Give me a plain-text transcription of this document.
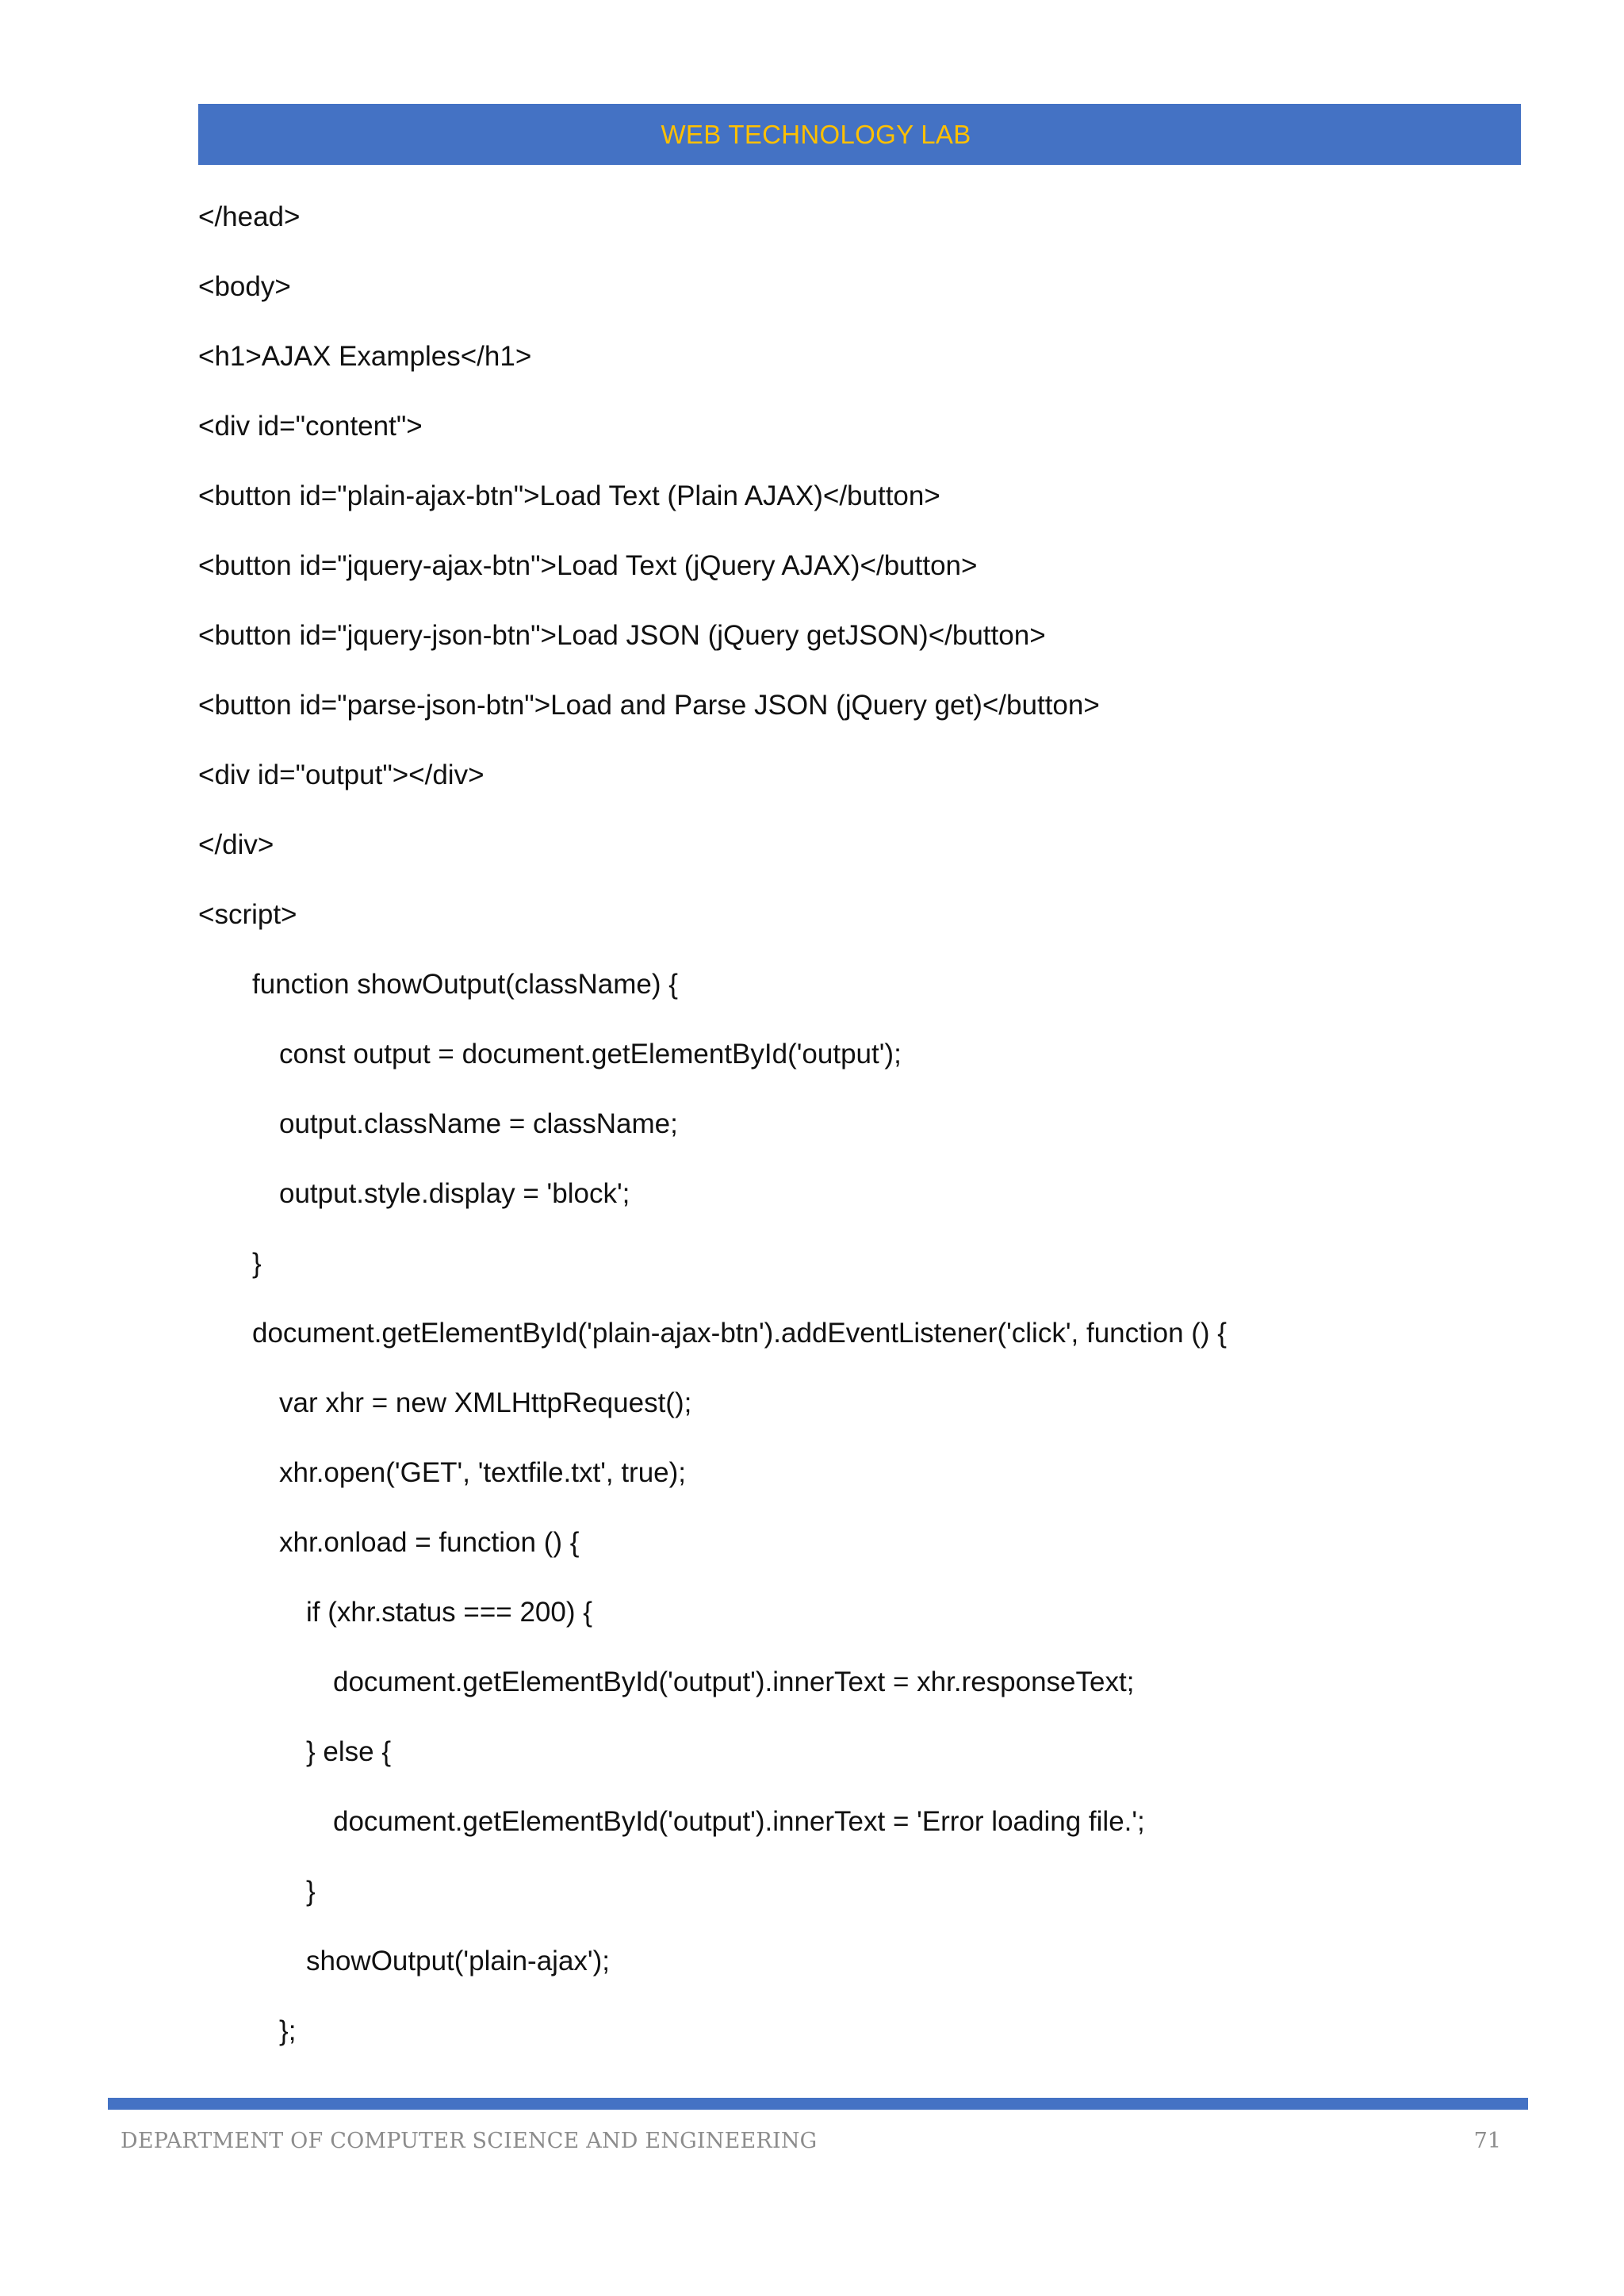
WEB TECHNOLOGY LAB
</head>
<body>
<h1>AJAX Examples</h1>
<div id="content">
<button id="plain-ajax-btn">Load Text (Plain AJAX)</button>
<button id="jquery-ajax-btn">Load Text (jQuery AJAX)</button>
<button id="jquery-json-btn">Load JSON (jQuery getJSON)</button>
<button id="parse-json-btn">Load and Parse JSON (jQuery get)</button>
<div id="output"></div>
</div>
<script>
function showOutput(className) {
const output = document.getElementById('output');
output.className = className;
output.style.display = 'block';
}
document.getElementById('plain-ajax-btn').addEventListener('click', function () {
var xhr = new XMLHttpRequest();
xhr.open('GET', 'textfile.txt', true);
xhr.onload = function () {
if (xhr.status === 200) {
document.getElementById('output').innerText = xhr.responseText;
} else {
document.getElementById('output').innerText = 'Error loading file.';
}
showOutput('plain-ajax');
};
DEPARTMENT OF COMPUTER SCIENCE AND ENGINEERING	71
